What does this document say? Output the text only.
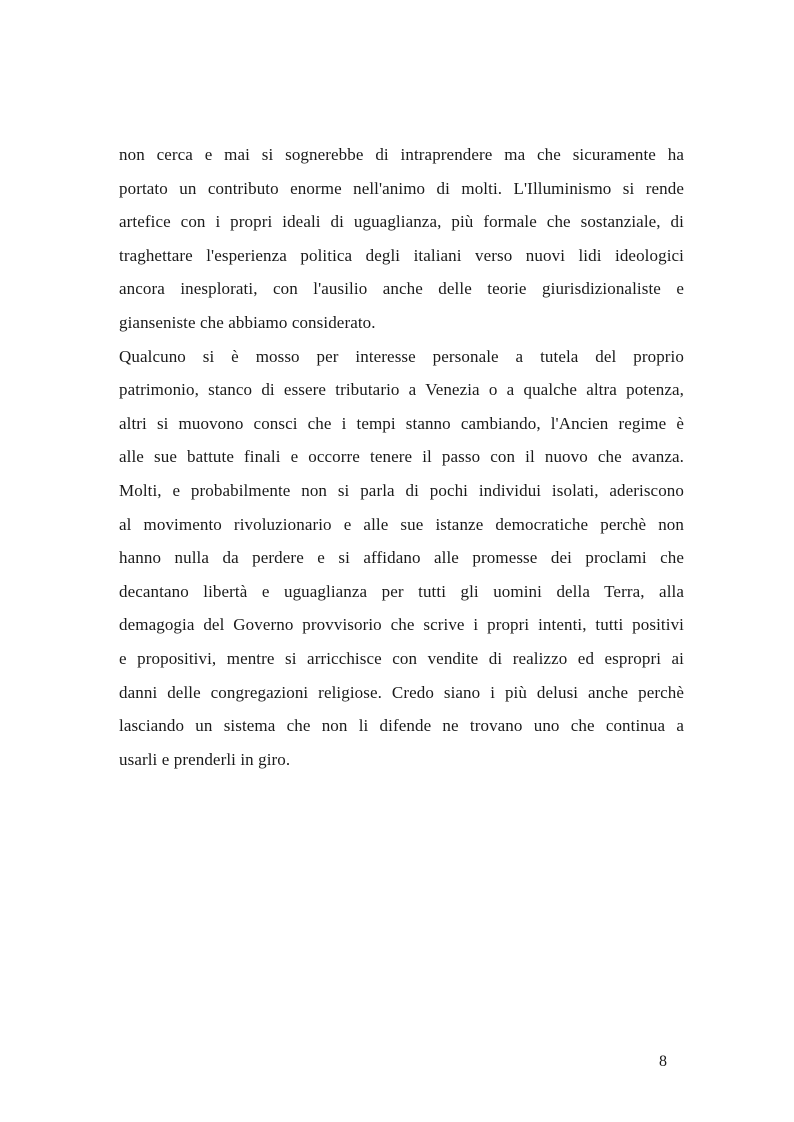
non cerca e mai si sognerebbe di intraprendere ma che sicuramente ha
portato un contributo enorme nell'animo di molti. L'Illuminismo si rende
artefice con i propri ideali di uguaglianza, più formale che sostanziale, di
traghettare l'esperienza politica degli italiani verso nuovi lidi ideologici
ancora inesplorati, con l'ausilio anche delle teorie giurisdizionaliste e
gianseniste che abbiamo considerato.
Qualcuno si è mosso per interesse personale a tutela del proprio
patrimonio, stanco di essere tributario a Venezia o a qualche altra potenza,
altri si muovono consci che i tempi stanno cambiando, l'Ancien regime è
alle sue battute finali e occorre tenere il passo con il nuovo che avanza.
Molti, e probabilmente non si parla di pochi individui isolati, aderiscono
al movimento rivoluzionario e alle sue istanze democratiche perchè non
hanno nulla da perdere e si affidano alle promesse dei proclami che
decantano libertà e uguaglianza per tutti gli uomini della Terra, alla
demagogia del Governo provvisorio che scrive i propri intenti, tutti positivi
e propositivi, mentre si arricchisce con vendite di realizzo ed espropri ai
danni delle congregazioni religiose. Credo siano i più delusi anche perchè
lasciando un sistema che non li difende ne trovano uno che continua a
usarli e prenderli in giro.
8
